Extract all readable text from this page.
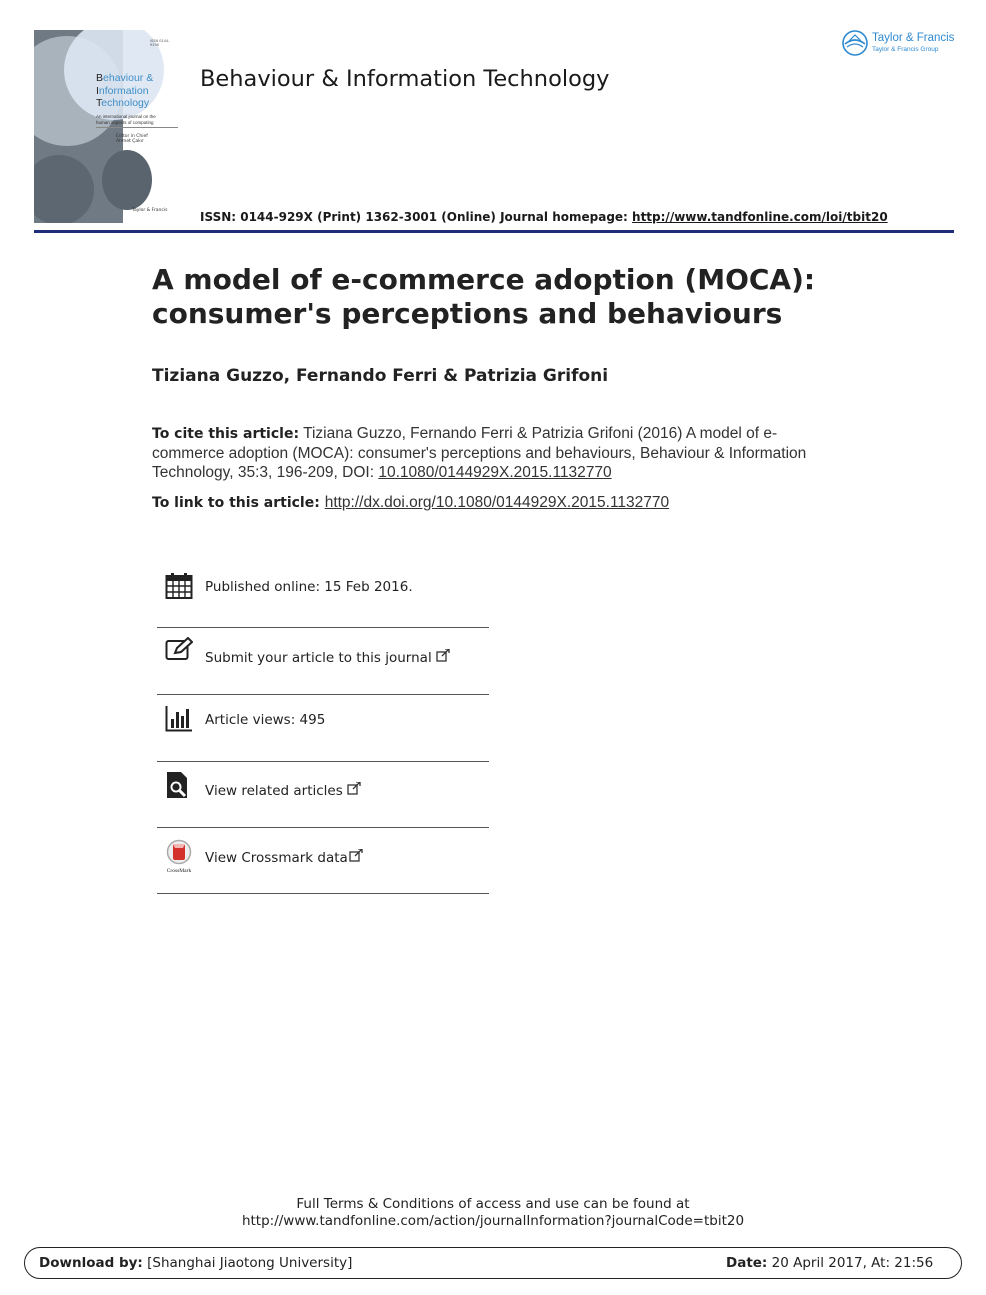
ISSN 0144-929X
Behaviour &
Information
Technology
An international journal on the human aspects of computing
Editor in Chief
Ahmet Çakır
Taylor & Francis
Behaviour & Information Technology
Taylor & Francis
Taylor & Francis Group
ISSN: 0144-929X (Print) 1362-3001 (Online) Journal homepage: http://www.tandfonline.com/loi/tbit20
A model of e-commerce adoption (MOCA): consumer's perceptions and behaviours
Tiziana Guzzo, Fernando Ferri & Patrizia Grifoni
To cite this article: Tiziana Guzzo, Fernando Ferri & Patrizia Grifoni (2016) A model of e-commerce adoption (MOCA): consumer's perceptions and behaviours, Behaviour & Information Technology, 35:3, 196-209, DOI: 10.1080/0144929X.2015.1132770
To link to this article: http://dx.doi.org/10.1080/0144929X.2015.1132770
Published online: 15 Feb 2016.
Submit your article to this journal
Article views: 495
View related articles
CrossMark
View Crossmark data
Full Terms & Conditions of access and use can be found at
http://www.tandfonline.com/action/journalInformation?journalCode=tbit20
Download by: [Shanghai Jiaotong University]	Date: 20 April 2017, At: 21:56
